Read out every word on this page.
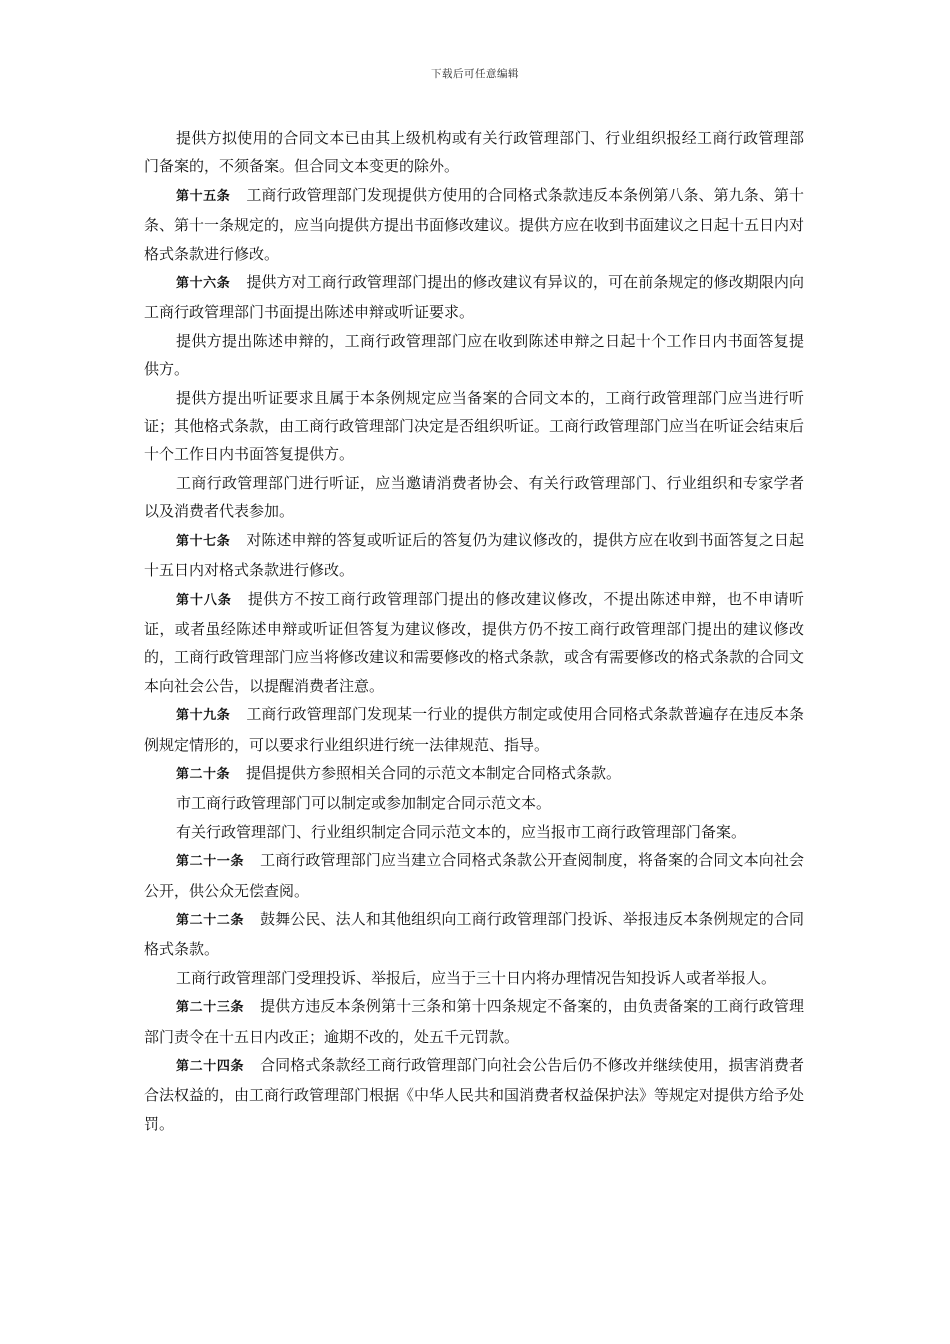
下载后可任意编辑

提供方拟使用的合同文本已由其上级机构或有关行政管理部门、行业组织报经工商行政管理部门备案的，不须备案。但合同文本变更的除外。

第十五条 工商行政管理部门发现提供方使用的合同格式条款违反本条例第八条、第九条、第十条、第十一条规定的，应当向提供方提出书面修改建议。提供方应在收到书面建议之日起十五日内对格式条款进行修改。

第十六条 提供方对工商行政管理部门提出的修改建议有异议的，可在前条规定的修改期限内向工商行政管理部门书面提出陈述申辩或听证要求。

提供方提出陈述申辩的，工商行政管理部门应在收到陈述申辩之日起十个工作日内书面答复提供方。

提供方提出听证要求且属于本条例规定应当备案的合同文本的，工商行政管理部门应当进行听证；其他格式条款，由工商行政管理部门决定是否组织听证。工商行政管理部门应当在听证会结束后十个工作日内书面答复提供方。

工商行政管理部门进行听证，应当邀请消费者协会、有关行政管理部门、行业组织和专家学者以及消费者代表参加。

第十七条 对陈述申辩的答复或听证后的答复仍为建议修改的，提供方应在收到书面答复之日起十五日内对格式条款进行修改。

第十八条 提供方不按工商行政管理部门提出的修改建议修改，不提出陈述申辩，也不申请听证，或者虽经陈述申辩或听证但答复为建议修改，提供方仍不按工商行政管理部门提出的建议修改的，工商行政管理部门应当将修改建议和需要修改的格式条款，或含有需要修改的格式条款的合同文本向社会公告，以提醒消费者注意。

第十九条 工商行政管理部门发现某一行业的提供方制定或使用合同格式条款普遍存在违反本条例规定情形的，可以要求行业组织进行统一法律规范、指导。

第二十条 提倡提供方参照相关合同的示范文本制定合同格式条款。

市工商行政管理部门可以制定或参加制定合同示范文本。

有关行政管理部门、行业组织制定合同示范文本的，应当报市工商行政管理部门备案。

第二十一条 工商行政管理部门应当建立合同格式条款公开查阅制度，将备案的合同文本向社会公开，供公众无偿查阅。

第二十二条 鼓舞公民、法人和其他组织向工商行政管理部门投诉、举报违反本条例规定的合同格式条款。

工商行政管理部门受理投诉、举报后，应当于三十日内将办理情况告知投诉人或者举报人。

第二十三条 提供方违反本条例第十三条和第十四条规定不备案的，由负责备案的工商行政管理部门责令在十五日内改正；逾期不改的，处五千元罚款。

第二十四条 合同格式条款经工商行政管理部门向社会公告后仍不修改并继续使用，损害消费者合法权益的，由工商行政管理部门根据《中华人民共和国消费者权益保护法》等规定对提供方给予处罚。
